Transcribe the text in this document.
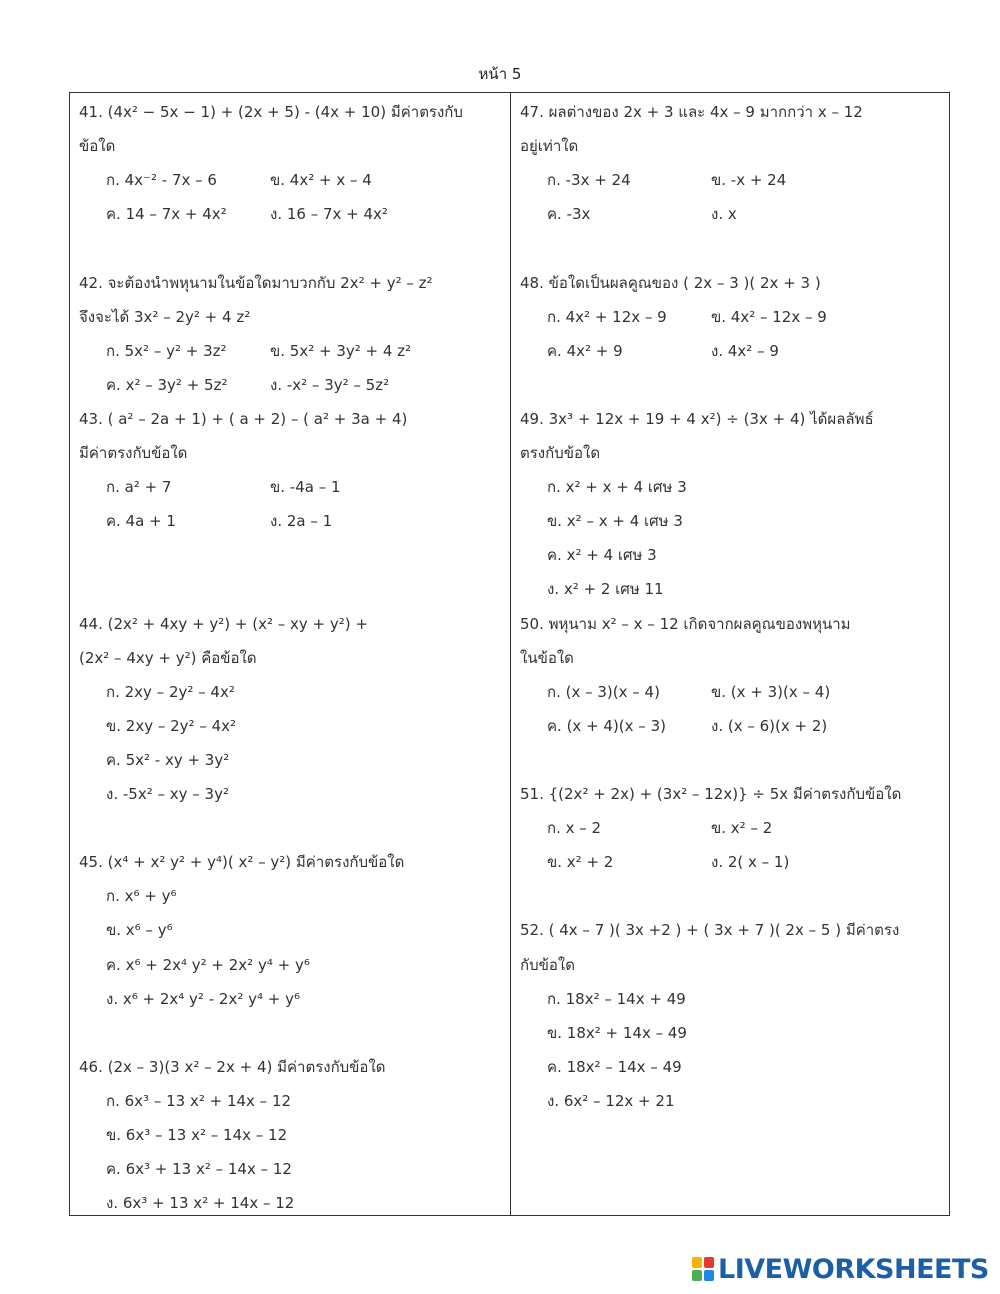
หน้า 5
41. (4x² − 5x − 1) + (2x + 5) - (4x + 10) มีค่าตรงกับ
ข้อใด
ก. 4x⁻² - 7x – 6	ข. 4x² + x – 4
ค. 14 – 7x + 4x²	ง. 16 – 7x + 4x²
42. จะต้องนำพหุนามในข้อใดมาบวกกับ 2x² + y² – z²
จึงจะได้ 3x² – 2y² + 4 z²
ก. 5x² – y² + 3z²	ข. 5x² + 3y² + 4 z²
ค. x² – 3y² + 5z²	ง. -x² – 3y² – 5z²
43. ( a² – 2a + 1) + ( a + 2) – ( a² + 3a + 4)
มีค่าตรงกับข้อใด
ก. a² + 7	ข. -4a – 1
ค. 4a + 1	ง. 2a – 1
44. (2x² + 4xy + y²) + (x² – xy + y²) +
(2x² – 4xy + y²) คือข้อใด
ก. 2xy – 2y² – 4x²
ข. 2xy – 2y² – 4x²
ค. 5x² - xy + 3y²
ง. -5x² – xy – 3y²
45. (x⁴ + x² y² + y⁴)( x² – y²) มีค่าตรงกับข้อใด
ก. x⁶ + y⁶
ข. x⁶ – y⁶
ค. x⁶ + 2x⁴ y² + 2x² y⁴ + y⁶
ง. x⁶ + 2x⁴ y² - 2x² y⁴ + y⁶
46. (2x – 3)(3 x² – 2x + 4) มีค่าตรงกับข้อใด
ก. 6x³ – 13 x² + 14x – 12
ข. 6x³ – 13 x² – 14x – 12
ค. 6x³ + 13 x² – 14x – 12
ง. 6x³ + 13 x² + 14x – 12
47. ผลต่างของ 2x + 3 และ 4x – 9 มากกว่า x – 12
อยู่เท่าใด
ก. -3x + 24	ข. -x + 24
ค. -3x	ง. x
48. ข้อใดเป็นผลคูณของ ( 2x – 3 )( 2x + 3 )
ก. 4x² + 12x – 9	ข. 4x² – 12x – 9
ค. 4x² + 9	ง. 4x² – 9
49. 3x³ + 12x + 19 + 4 x²) ÷ (3x + 4) ได้ผลลัพธ์
ตรงกับข้อใด
ก. x² + x + 4 เศษ 3
ข. x² – x + 4 เศษ 3
ค. x² + 4 เศษ 3
ง. x² + 2 เศษ 11
50. พหุนาม x² – x – 12 เกิดจากผลคูณของพหุนาม
ในข้อใด
ก. (x – 3)(x – 4)	ข. (x + 3)(x – 4)
ค. (x + 4)(x – 3)	ง. (x – 6)(x + 2)
51. {(2x² + 2x) + (3x² – 12x)} ÷ 5x มีค่าตรงกับข้อใด
ก. x – 2	ข. x² – 2
ข. x² + 2	ง. 2( x – 1)
52. ( 4x – 7 )( 3x +2 ) + ( 3x + 7 )( 2x – 5 ) มีค่าตรง
กับข้อใด
ก. 18x² – 14x + 49
ข. 18x² + 14x – 49
ค. 18x² – 14x – 49
ง. 6x² – 12x + 21
LIVEWORKSHEETS
